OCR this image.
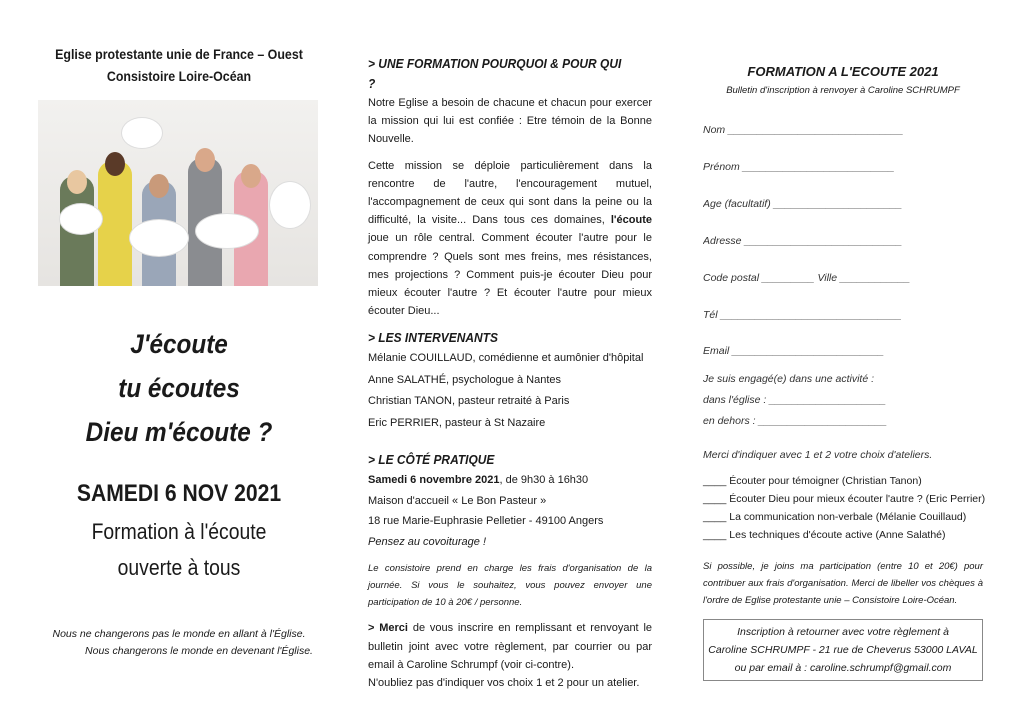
Eglise protestante unie de France – Ouest
Consistoire Loire-Océan
J'écoute
tu écoutes
Dieu m'écoute ?
SAMEDI 6 NOV 2021
Formation à l'écoute
ouverte à tous
Nous ne changerons pas le monde en allant à l'Église.
Nous changerons le monde en devenant l'Église.
> UNE FORMATION POURQUOI & POUR QUI ?

Notre Eglise a besoin de chacune et chacun pour exercer la mission qui lui est confiée : Etre témoin de la Bonne Nouvelle.

Cette mission se déploie particulièrement dans la rencontre de l'autre, l'encouragement mutuel, l'accompagnement de ceux qui sont dans la peine ou la difficulté, la visite... Dans tous ces domaines, l'écoute joue un rôle central. Comment écouter l'autre pour le comprendre ? Quels sont mes freins, mes résistances, mes projections ? Comment puis-je écouter Dieu pour mieux écouter l'autre ? Et écouter l'autre pour mieux écouter Dieu...

> LES INTERVENANTS
Mélanie COUILLAUD, comédienne et aumônier d'hôpital
Anne SALATHÉ, psychologue à Nantes
Christian TANON, pasteur retraité à Paris
Eric PERRIER, pasteur à St Nazaire
> LE CÔTÉ PRATIQUE
Samedi 6 novembre 2021, de 9h30 à 16h30
Maison d'accueil « Le Bon Pasteur »
18 rue Marie-Euphrasie Pelletier - 49100 Angers
Pensez au covoiturage !

Le consistoire prend en charge les frais d'organisation de la journée. Si vous le souhaitez, vous pouvez envoyer une participation de 10 à 20€ / personne.

> Merci de vous inscrire en remplissant et renvoyant le bulletin joint avec votre règlement, par courrier ou par email à Caroline Schrumpf (voir ci-contre).

N'oubliez pas d'indiquer vos choix 1 et 2 pour un atelier.
FORMATION A L'ECOUTE 2021
Bulletin d'inscription à renvoyer à Caroline SCHRUMPF
Nom ______________________________
Prénom __________________________
Age (facultatif) ______________________
Adresse ___________________________
Code postal _________ Ville ____________
Tél _______________________________
Email __________________________
Je suis engagé(e) dans une activité :
dans l'église : ____________________
en dehors : ______________________
Merci d'indiquer avec 1 et 2 votre choix d'ateliers.
____ Écouter pour témoigner (Christian Tanon)
____ Écouter Dieu pour mieux écouter l'autre ? (Eric Perrier)
____ La communication non-verbale (Mélanie Couillaud)
____ Les techniques d'écoute active (Anne Salathé)
Si possible, je joins ma participation (entre 10 et 20€) pour contribuer aux frais d'organisation. Merci de libeller vos chèques à l'ordre de Eglise protestante unie – Consistoire Loire-Océan.
Inscription à retourner avec votre règlement à
Caroline SCHRUMPF - 21 rue de Cheverus 53000 LAVAL
ou par email à : caroline.schrumpf@gmail.com
